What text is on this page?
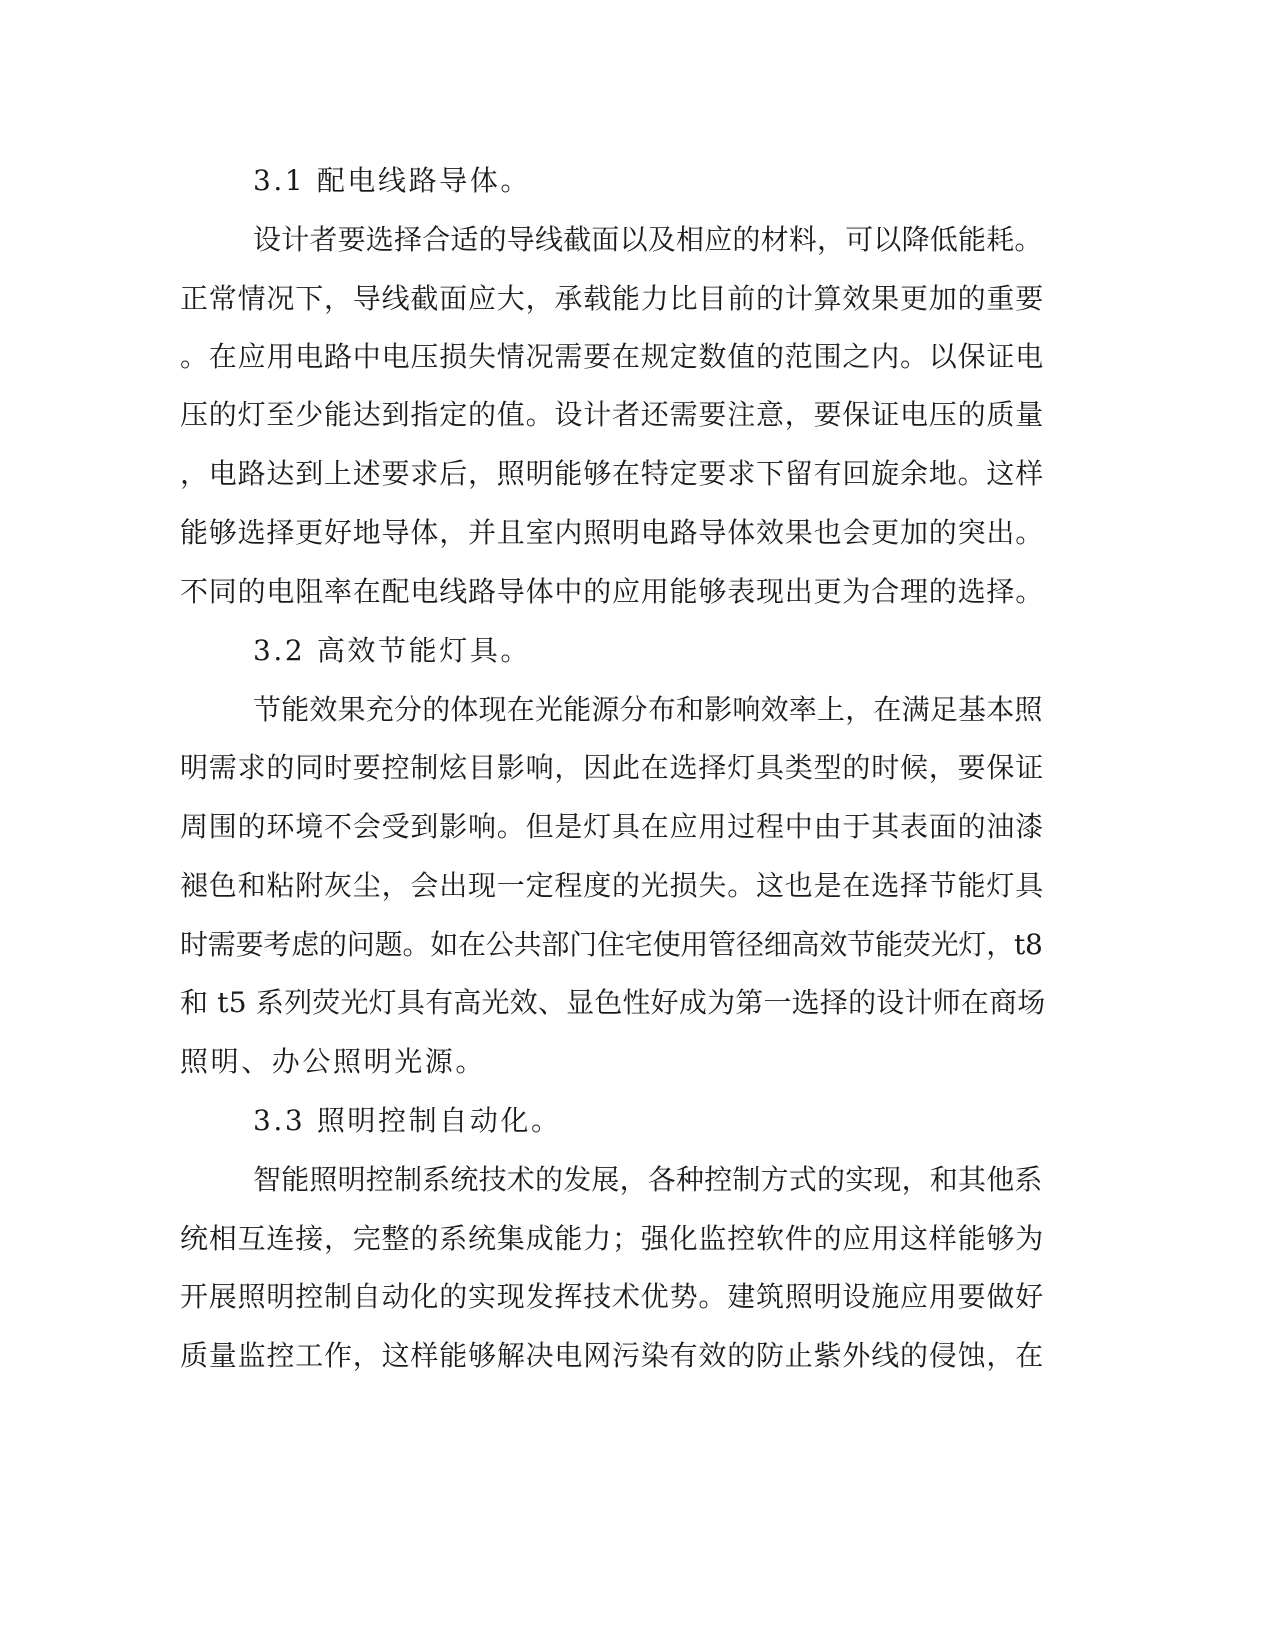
3.1 配电线路导体。

设计者要选择合适的导线截面以及相应的材料，可以降低能耗。

正常情况下，导线截面应大，承载能力比目前的计算效果更加的重要

。在应用电路中电压损失情况需要在规定数值的范围之内。以保证电

压的灯至少能达到指定的值。设计者还需要注意，要保证电压的质量

，电路达到上述要求后，照明能够在特定要求下留有回旋余地。这样

能够选择更好地导体，并且室内照明电路导体效果也会更加的突出。

不同的电阻率在配电线路导体中的应用能够表现出更为合理的选择。

3.2 高效节能灯具。

节能效果充分的体现在光能源分布和影响效率上，在满足基本照

明需求的同时要控制炫目影响，因此在选择灯具类型的时候，要保证

周围的环境不会受到影响。但是灯具在应用过程中由于其表面的油漆

褪色和粘附灰尘，会出现一定程度的光损失。这也是在选择节能灯具

时需要考虑的问题。如在公共部门住宅使用管径细高效节能荧光灯，t8

和 t5 系列荧光灯具有高光效、显色性好成为第一选择的设计师在商场

照明、办公照明光源。

3.3 照明控制自动化。

智能照明控制系统技术的发展，各种控制方式的实现，和其他系

统相互连接，完整的系统集成能力；强化监控软件的应用这样能够为

开展照明控制自动化的实现发挥技术优势。建筑照明设施应用要做好

质量监控工作，这样能够解决电网污染有效的防止紫外线的侵蚀，在
